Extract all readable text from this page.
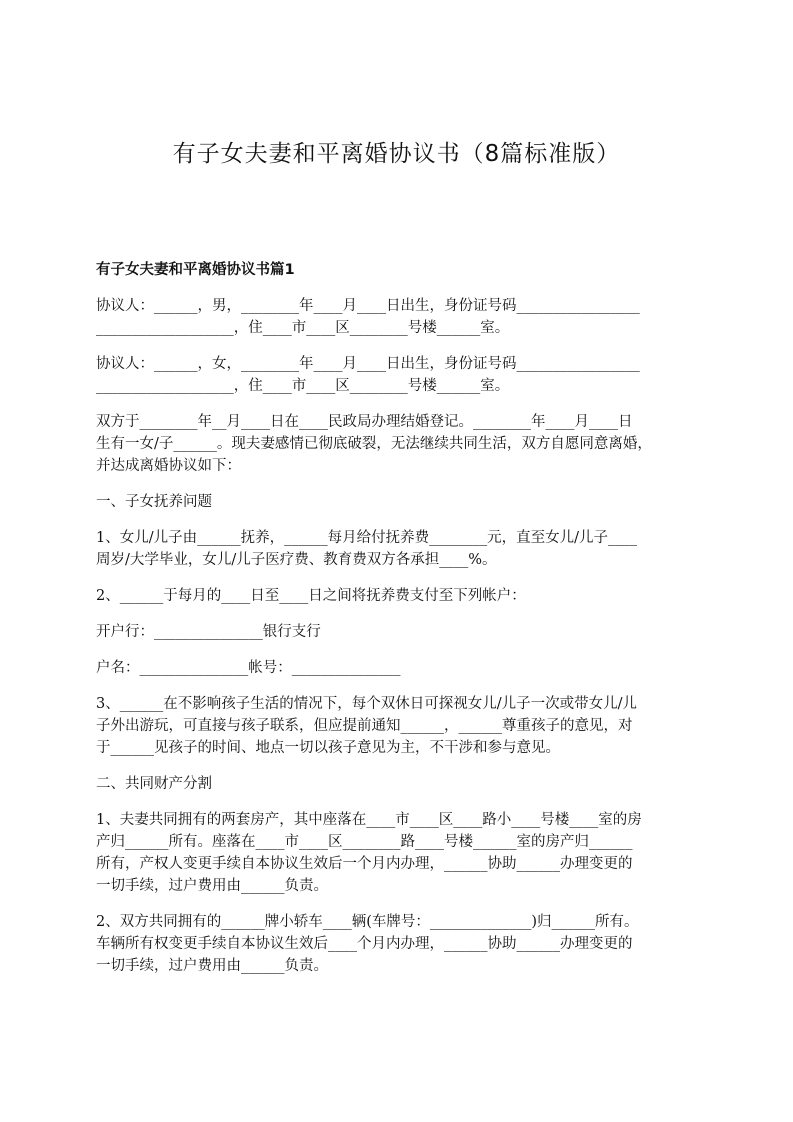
有子女夫妻和平离婚协议书（8篇标准版）
有子女夫妻和平离婚协议书篇1
协议人：______，男，________年____月____日出生，身份证号码_________________
___________________，住____市____区________号楼______室。
协议人：______，女，________年____月____日出生，身份证号码_________________
___________________，住____市____区________号楼______室。
双方于________年__月____日在____民政局办理结婚登记。________年____月____日
生有一女/子______。现夫妻感情已彻底破裂，无法继续共同生活，双方自愿同意离婚，
并达成离婚协议如下：
一、子女抚养问题
1、女儿/儿子由______抚养，______每月给付抚养费________元，直至女儿/儿子____
周岁/大学毕业，女儿/儿子医疗费、教育费双方各承担____%。
2、______于每月的____日至____日之间将抚养费支付至下列帐户：
开户行：_______________银行支行
户名：_______________帐号：_______________
3、______在不影响孩子生活的情况下，每个双休日可探视女儿/儿子一次或带女儿/儿
子外出游玩，可直接与孩子联系，但应提前通知______，______尊重孩子的意见，对
于______见孩子的时间、地点一切以孩子意见为主，不干涉和参与意见。
二、共同财产分割
1、夫妻共同拥有的两套房产，其中座落在____市____区____路小____号楼____室的房
产归______所有。座落在____市____区________路____号楼______室的房产归______
所有，产权人变更手续自本协议生效后一个月内办理，______协助______办理变更的
一切手续，过户费用由______负责。
2、双方共同拥有的______牌小轿车____辆(车牌号：______________)归______所有。
车辆所有权变更手续自本协议生效后____个月内办理，______协助______办理变更的
一切手续，过户费用由______负责。
